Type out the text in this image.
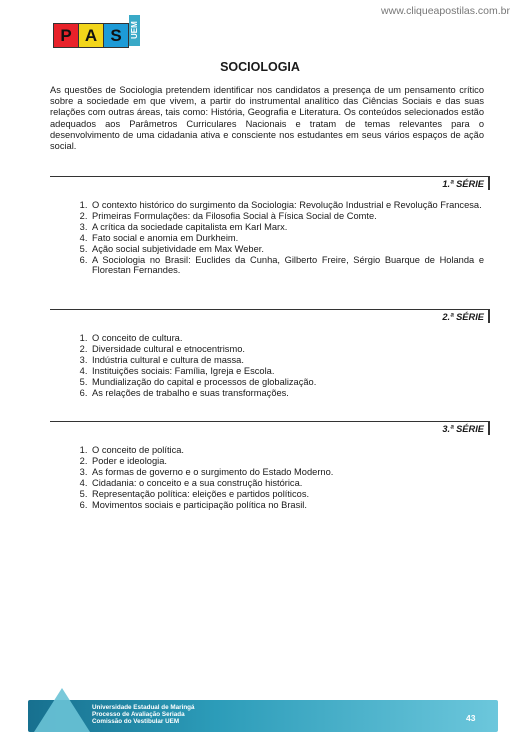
www.cliqueapostilas.com.br
P A S	UEM
SOCIOLOGIA
As questões de Sociologia pretendem identificar nos candidatos a presença de um pensamento crítico sobre a sociedade em que vivem, a partir do instrumental analítico das Ciências Sociais e das suas relações com outras áreas, tais como: História, Geografia e Literatura. Os conteúdos selecionados estão adequados aos Parâmetros Curriculares Nacionais e tratam de temas relevantes para o desenvolvimento de uma cidadania ativa e consciente nos estudantes em seus vários espaços de ação social.
1.ª SÉRIE
1. O contexto histórico do surgimento da Sociologia: Revolução Industrial e Revolução Francesa.
2. Primeiras Formulações: da Filosofia Social à Física Social de Comte.
3. A crítica da sociedade capitalista em Karl Marx.
4. Fato social e anomia em Durkheim.
5. Ação social subjetividade em Max Weber.
6. A Sociologia no Brasil: Euclides da Cunha, Gilberto Freire, Sérgio Buarque de Holanda e Florestan Fernandes.
2.ª SÉRIE
1. O conceito de cultura.
2. Diversidade cultural e etnocentrismo.
3. Indústria cultural e cultura de massa.
4. Instituições sociais: Família, Igreja e Escola.
5. Mundialização do capital e processos de globalização.
6. As relações de trabalho e suas transformações.
3.ª SÉRIE
1. O conceito de política.
2. Poder e ideologia.
3. As formas de governo e o surgimento do Estado Moderno.
4. Cidadania: o conceito e a sua construção histórica.
5. Representação política: eleições e partidos políticos.
6. Movimentos sociais e participação política no Brasil.
Universidade Estadual de Maringá
Processo de Avaliação Seriada
Comissão do Vestibular UEM	43
